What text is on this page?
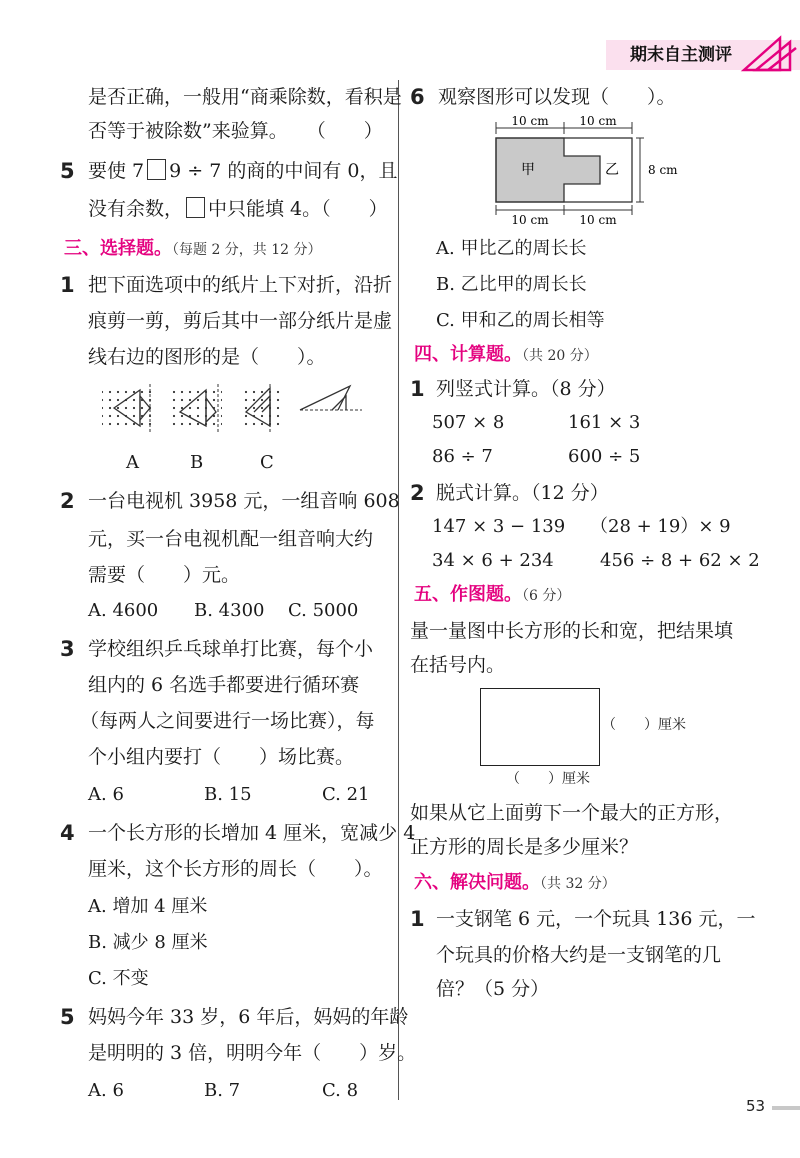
期末自主测评
是否正确，一般用“商乘除数，看积是
否等于被除数”来验算。　　（　　）
5 要使 7 9 ÷ 7 的商的中间有 0，且
没有余数， 中只能填 4。（　　）
三、选择题。（每题 2 分，共 12 分）
1 把下面选项中的纸片上下对折，沿折
痕剪一剪，剪后其中一部分纸片是虚
线右边的图形的是（　　）。
A	B	C
2 一台电视机 3958 元，一组音响 608
元，买一台电视机配一组音响大约
需要（　　）元。
A. 4600 B. 4300 C. 5000
3 学校组织乒乓球单打比赛，每个小
组内的 6 名选手都要进行循环赛
（每两人之间要进行一场比赛），每
个小组内要打（　　）场比赛。
A. 6	B. 15	C. 21
4 一个长方形的长增加 4 厘米，宽减少 4
厘米，这个长方形的周长（　　）。
A. 增加 4 厘米
B. 减少 8 厘米
C. 不变
5 妈妈今年 33 岁，6 年后，妈妈的年龄
是明明的 3 倍，明明今年（　　）岁。
A. 6	B. 7	C. 8
6 观察图形可以发现（　　）。
10 cm	10 cm
甲	乙 8 cm
10 cm	10 cm
A. 甲比乙的周长长
B. 乙比甲的周长长
C. 甲和乙的周长相等
四、计算题。（共 20 分）
1 列竖式计算。（8 分）
507 × 8	161 × 3
86 ÷ 7	600 ÷ 5
2 脱式计算。（12 分）
147 × 3 − 139 （28 + 19）× 9
34 × 6 + 234	456 ÷ 8 + 62 × 2
五、作图题。（6 分）
量一量图中长方形的长和宽，把结果填
在括号内。
（　　）厘米
（　　）厘米
如果从它上面剪下一个最大的正方形，
正方形的周长是多少厘米？
六、解决问题。（共 32 分）
1 一支钢笔 6 元，一个玩具 136 元，一
个玩具的价格大约是一支钢笔的几
倍？（5 分）
53
